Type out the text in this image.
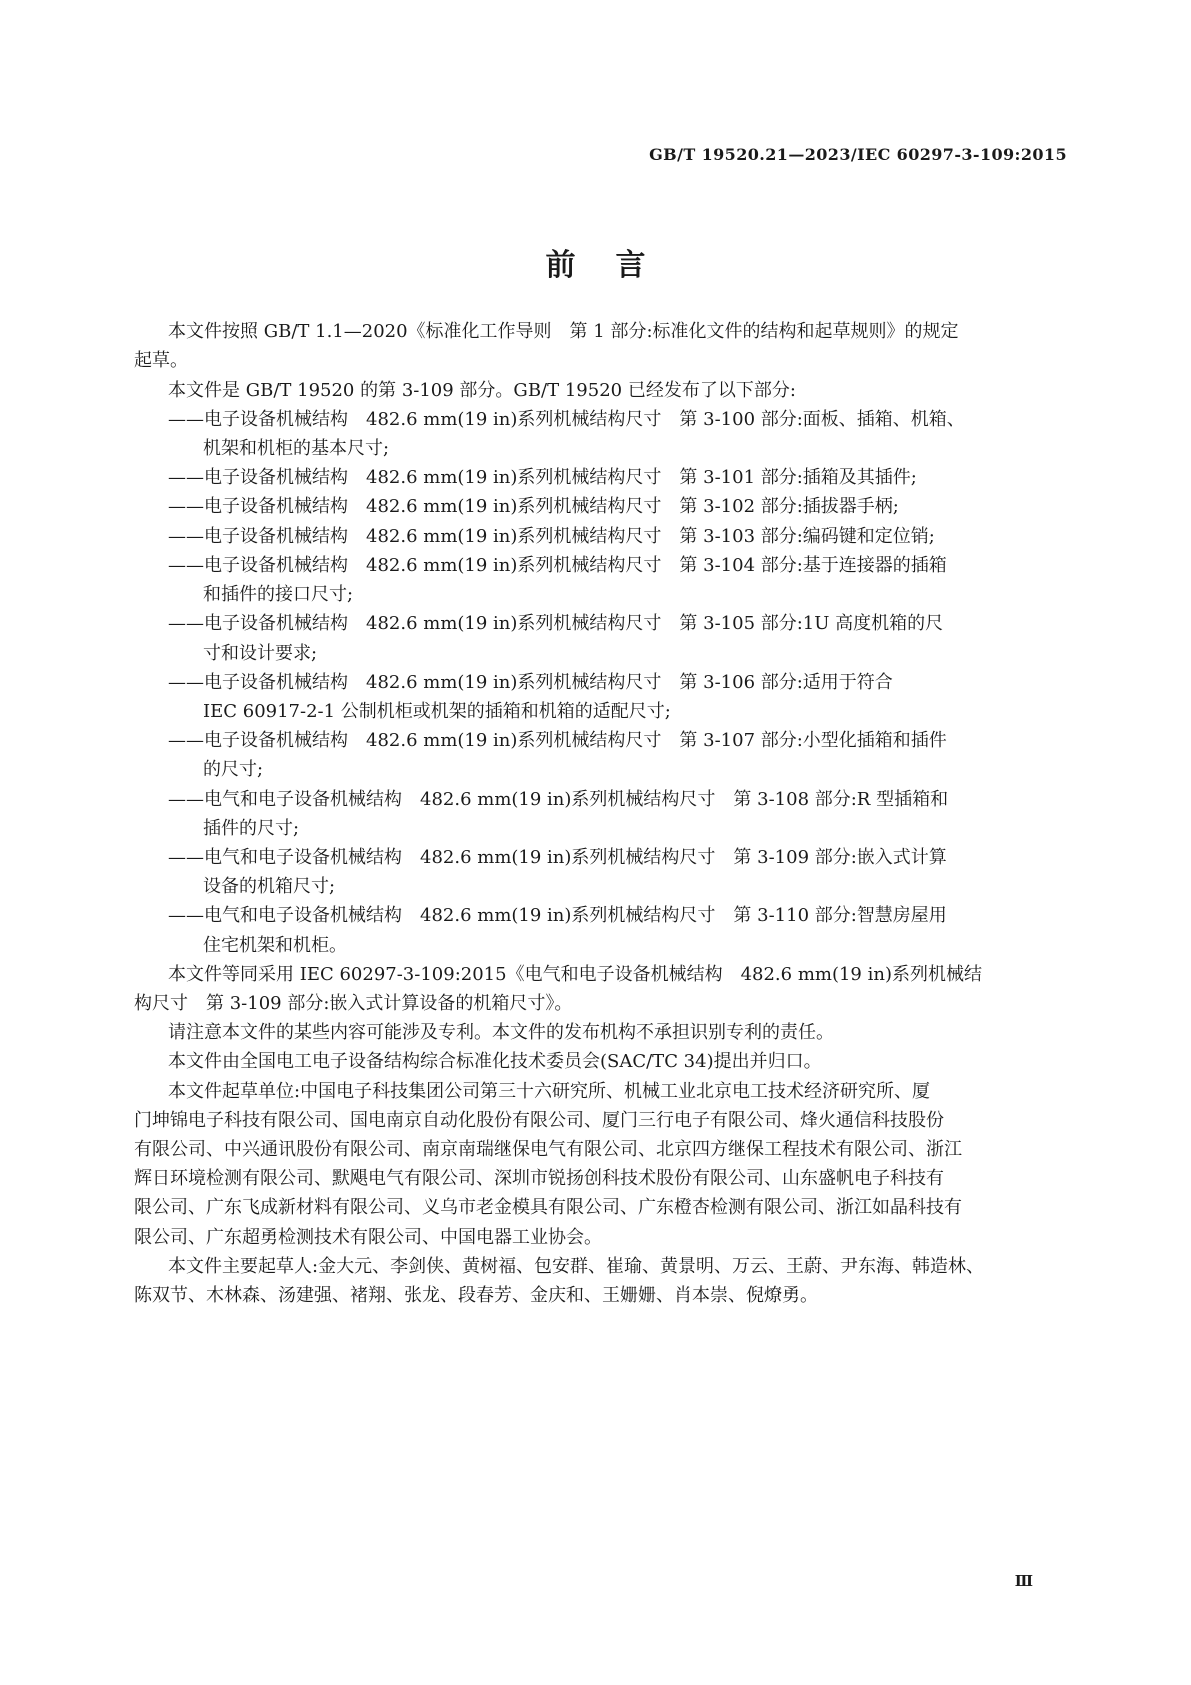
GB/T 19520.21—2023/IEC 60297-3-109:2015
前言
本文件按照 GB/T 1.1—2020《标准化工作导则　第 1 部分:标准化文件的结构和起草规则》的规定
起草。
本文件是 GB/T 19520 的第 3-109 部分。GB/T 19520 已经发布了以下部分:
——电子设备机械结构　482.6 mm(19 in)系列机械结构尺寸　第 3-100 部分:面板、插箱、机箱、
机架和机柜的基本尺寸;
——电子设备机械结构　482.6 mm(19 in)系列机械结构尺寸　第 3-101 部分:插箱及其插件;
——电子设备机械结构　482.6 mm(19 in)系列机械结构尺寸　第 3-102 部分:插拔器手柄;
——电子设备机械结构　482.6 mm(19 in)系列机械结构尺寸　第 3-103 部分:编码键和定位销;
——电子设备机械结构　482.6 mm(19 in)系列机械结构尺寸　第 3-104 部分:基于连接器的插箱
和插件的接口尺寸;
——电子设备机械结构　482.6 mm(19 in)系列机械结构尺寸　第 3-105 部分:1U 高度机箱的尺
寸和设计要求;
——电子设备机械结构　482.6 mm(19 in)系列机械结构尺寸　第 3-106 部分:适用于符合
IEC 60917-2-1 公制机柜或机架的插箱和机箱的适配尺寸;
——电子设备机械结构　482.6 mm(19 in)系列机械结构尺寸　第 3-107 部分:小型化插箱和插件
的尺寸;
——电气和电子设备机械结构　482.6 mm(19 in)系列机械结构尺寸　第 3-108 部分:R 型插箱和
插件的尺寸;
——电气和电子设备机械结构　482.6 mm(19 in)系列机械结构尺寸　第 3-109 部分:嵌入式计算
设备的机箱尺寸;
——电气和电子设备机械结构　482.6 mm(19 in)系列机械结构尺寸　第 3-110 部分:智慧房屋用
住宅机架和机柜。
本文件等同采用 IEC 60297-3-109:2015《电气和电子设备机械结构　482.6 mm(19 in)系列机械结
构尺寸　第 3-109 部分:嵌入式计算设备的机箱尺寸》。
请注意本文件的某些内容可能涉及专利。本文件的发布机构不承担识别专利的责任。
本文件由全国电工电子设备结构综合标准化技术委员会(SAC/TC 34)提出并归口。
本文件起草单位:中国电子科技集团公司第三十六研究所、机械工业北京电工技术经济研究所、厦
门坤锦电子科技有限公司、国电南京自动化股份有限公司、厦门三行电子有限公司、烽火通信科技股份
有限公司、中兴通讯股份有限公司、南京南瑞继保电气有限公司、北京四方继保工程技术有限公司、浙江
辉日环境检测有限公司、默飓电气有限公司、深圳市锐扬创科技术股份有限公司、山东盛帆电子科技有
限公司、广东飞成新材料有限公司、义乌市老金模具有限公司、广东橙杏检测有限公司、浙江如晶科技有
限公司、广东超勇检测技术有限公司、中国电器工业协会。
本文件主要起草人:金大元、李剑侠、黄树福、包安群、崔瑜、黄景明、万云、王蔚、尹东海、韩造林、
陈双节、木林森、汤建强、褚翔、张龙、段春芳、金庆和、王姗姗、肖本崇、倪燎勇。
Ⅲ
